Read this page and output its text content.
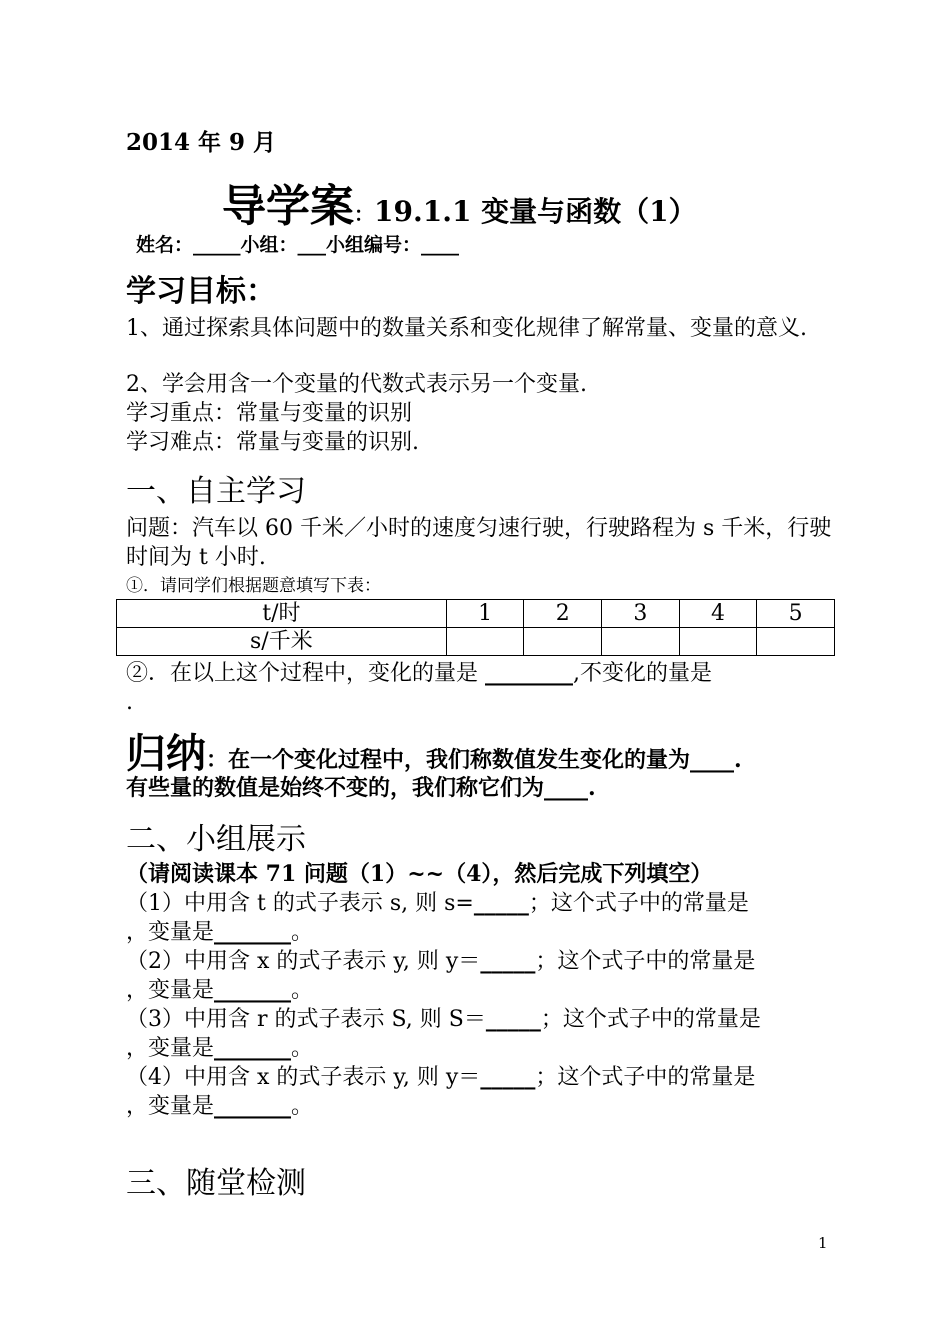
2014 年 9 月
导学案：19.1.1 变量与函数（1）
姓名：_____小组：___小组编号：____
学习目标：
1、通过探索具体问题中的数量关系和变化规律了解常量、变量的意义.
2、学会用含一个变量的代数式表示另一个变量.
学习重点：常量与变量的识别
学习难点：常量与变量的识别.
一、自主学习
问题：汽车以 60 千米／小时的速度匀速行驶，行驶路程为 s 千米，行驶时间为 t 小时.
①．请同学们根据题意填写下表：
t/时	1	2	3	4	5
s/千米					
②．在以上这个过程中，变化的量是 ________,不变化的量是
.
归纳：在一个变化过程中，我们称数值发生变化的量为____.
有些量的数值是始终不变的，我们称它们为____.
二、小组展示
（请阅读课本 71 问题（1）~~（4），然后完成下列填空）
（1）中用含 t 的式子表示 s, 则 s=_____；这个式子中的常量是
，变量是_______。
（2）中用含 x 的式子表示 y, 则 y＝_____；这个式子中的常量是
，变量是_______。
（3）中用含 r 的式子表示 S, 则 S＝_____；这个式子中的常量是
，变量是_______。
（4）中用含 x 的式子表示 y, 则 y＝_____；这个式子中的常量是
，变量是_______。
三、随堂检测
1
